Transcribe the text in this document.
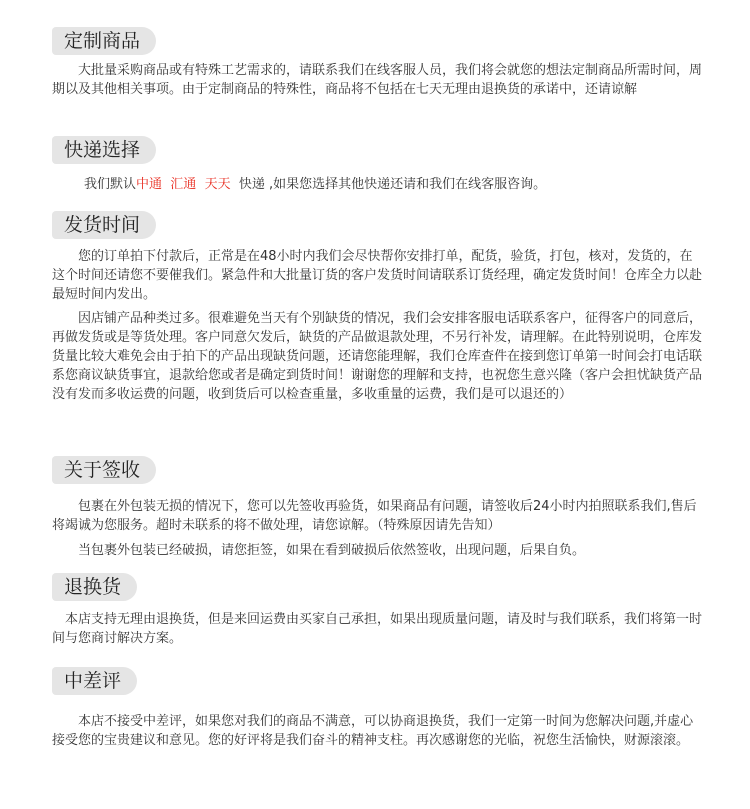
定制商品
　　大批量采购商品或有特殊工艺需求的，请联系我们在线客服人员，我们将会就您的想法定制商品所需时间，周期以及其他相关事项。由于定制商品的特殊性，商品将不包括在七天无理由退换货的承诺中，还请谅解
快递选择
我们默认中通 汇通 天天 快递 ,如果您选择其他快递还请和我们在线客服咨询。
发货时间
　　您的订单拍下付款后，正常是在48小时内我们会尽快帮你安排打单，配货，验货，打包，核对，发货的，在这个时间还请您不要催我们。紧急件和大批量订货的客户发货时间请联系订货经理，确定发货时间！仓库全力以赴最短时间内发出。
　　因店铺产品种类过多。很难避免当天有个别缺货的情况，我们会安排客服电话联系客户，征得客户的同意后，再做发货或是等货处理。客户同意欠发后，缺货的产品做退款处理，不另行补发，请理解。在此特别说明，仓库发货量比较大难免会由于拍下的产品出现缺货问题，还请您能理解，我们仓库查件在接到您订单第一时间会打电话联系您商议缺货事宜，退款给您或者是确定到货时间！谢谢您的理解和支持，也祝您生意兴隆（客户会担忧缺货产品没有发而多收运费的问题，收到货后可以检查重量，多收重量的运费，我们是可以退还的）
关于签收
　　包裹在外包装无损的情况下，您可以先签收再验货，如果商品有问题，请签收后24小时内拍照联系我们,售后将竭诚为您服务。超时未联系的将不做处理，请您谅解。（特殊原因请先告知）
　　当包裹外包装已经破损，请您拒签，如果在看到破损后依然签收，出现问题，后果自负。
退换货
　本店支持无理由退换货，但是来回运费由买家自己承担，如果出现质量问题，请及时与我们联系，我们将第一时间与您商讨解决方案。
中差评
　　本店不接受中差评，如果您对我们的商品不满意，可以协商退换货，我们一定第一时间为您解决问题,并虚心接受您的宝贵建议和意见。您的好评将是我们奋斗的精神支柱。再次感谢您的光临，祝您生活愉快，财源滚滚。
